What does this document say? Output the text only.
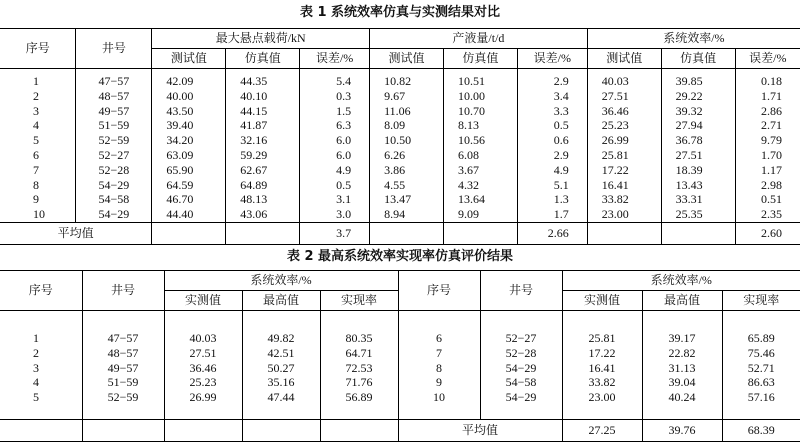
表 1 系统效率仿真与实测结果对比
序号	井号	最大悬点载荷/kN			产液量/t/d			系统效率/%		
		测试值	仿真值	误差/%	测试值	仿真值	误差/%	测试值	仿真值	误差/%
1	47−57	42.09	44.35	5.4	10.82	10.51	2.9	40.03	39.85	0.18
2	48−57	40.00	40.10	0.3	9.67	10.00	3.4	27.51	29.22	1.71
3	49−57	43.50	44.15	1.5	11.06	10.70	3.3	36.46	39.32	2.86
4	51−59	39.40	41.87	6.3	8.09	8.13	0.5	25.23	27.94	2.71
5	52−59	34.20	32.16	6.0	10.50	10.56	0.6	26.99	36.78	9.79
6	52−27	63.09	59.29	6.0	6.26	6.08	2.9	25.81	27.51	1.70
7	52−28	65.90	62.67	4.9	3.86	3.67	4.9	17.22	18.39	1.17
8	54−29	64.59	64.89	0.5	4.55	4.32	5.1	16.41	13.43	2.98
9	54−58	46.70	48.13	3.1	13.47	13.64	1.3	33.82	33.31	0.51
10	54−29	44.40	43.06	3.0	8.94	9.09	1.7	23.00	25.35	2.35
平均值				3.7			2.66			2.60
表 2 最高系统效率实现率仿真评价结果
序号	井号	系统效率/%			序号	井号	系统效率/%		
		实测值	最高值	实现率			实测值	最高值	实现率

1	47−57	40.03	49.82	80.35	6	52−27	25.81	39.17	65.89
2	48−57	27.51	42.51	64.71	7	52−28	17.22	22.82	75.46
3	49−57	36.46	50.27	72.53	8	54−29	16.41	31.13	52.71
4	51−59	25.23	35.16	71.76	9	54−58	33.82	39.04	86.63
5	52−59	26.99	47.44	56.89	10	54−29	23.00	40.24	57.16

					平均值		27.25	39.76	68.39
